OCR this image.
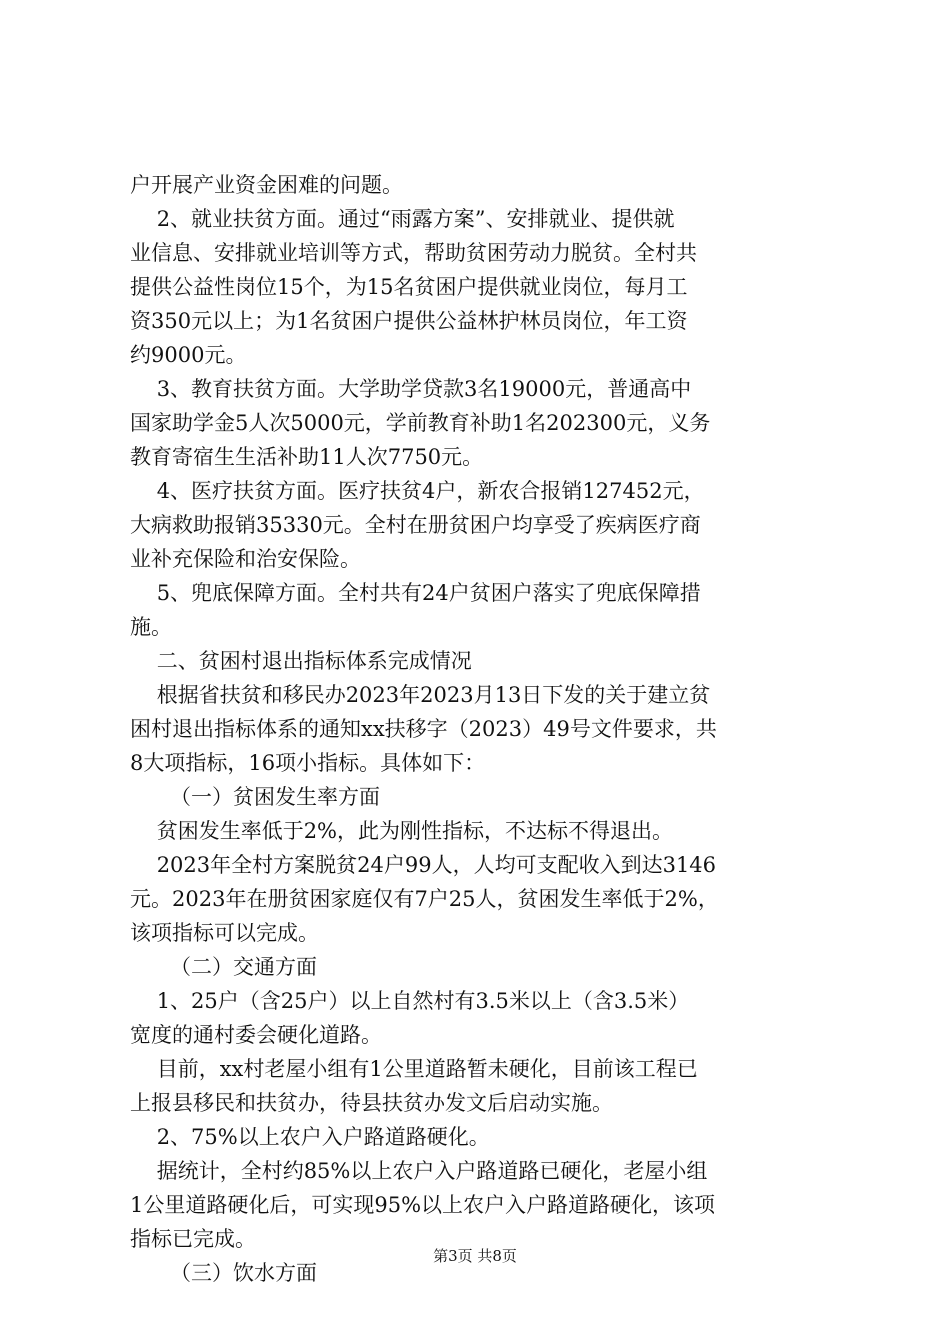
户开展产业资金困难的问题。
2、就业扶贫方面。通过“雨露方案”、安排就业、提供就
业信息、安排就业培训等方式，帮助贫困劳动力脱贫。全村共
提供公益性岗位15个，为15名贫困户提供就业岗位，每月工
资350元以上；为1名贫困户提供公益林护林员岗位，年工资
约9000元。
3、教育扶贫方面。大学助学贷款3名19000元，普通高中
国家助学金5人次5000元，学前教育补助1名202300元，义务
教育寄宿生生活补助11人次7750元。
4、医疗扶贫方面。医疗扶贫4户，新农合报销127452元，
大病救助报销35330元。全村在册贫困户均享受了疾病医疗商
业补充保险和治安保险。
5、兜底保障方面。全村共有24户贫困户落实了兜底保障措
施。
二、贫困村退出指标体系完成情况
根据省扶贫和移民办2023年2023月13日下发的关于建立贫
困村退出指标体系的通知xx扶移字（2023）49号文件要求，共
8大项指标，16项小指标。具体如下：
（一）贫困发生率方面
贫困发生率低于2%，此为刚性指标，不达标不得退出。
2023年全村方案脱贫24户99人，人均可支配收入到达3146
元。2023年在册贫困家庭仅有7户25人，贫困发生率低于2%，
该项指标可以完成。
（二）交通方面
1、25户（含25户）以上自然村有3.5米以上（含3.5米）
宽度的通村委会硬化道路。
目前，xx村老屋小组有1公里道路暂未硬化，目前该工程已
上报县移民和扶贫办，待县扶贫办发文后启动实施。
2、75%以上农户入户路道路硬化。
据统计，全村约85%以上农户入户路道路已硬化，老屋小组
1公里道路硬化后，可实现95%以上农户入户路道路硬化，该项
指标已完成。
（三）饮水方面
第3页 共8页
